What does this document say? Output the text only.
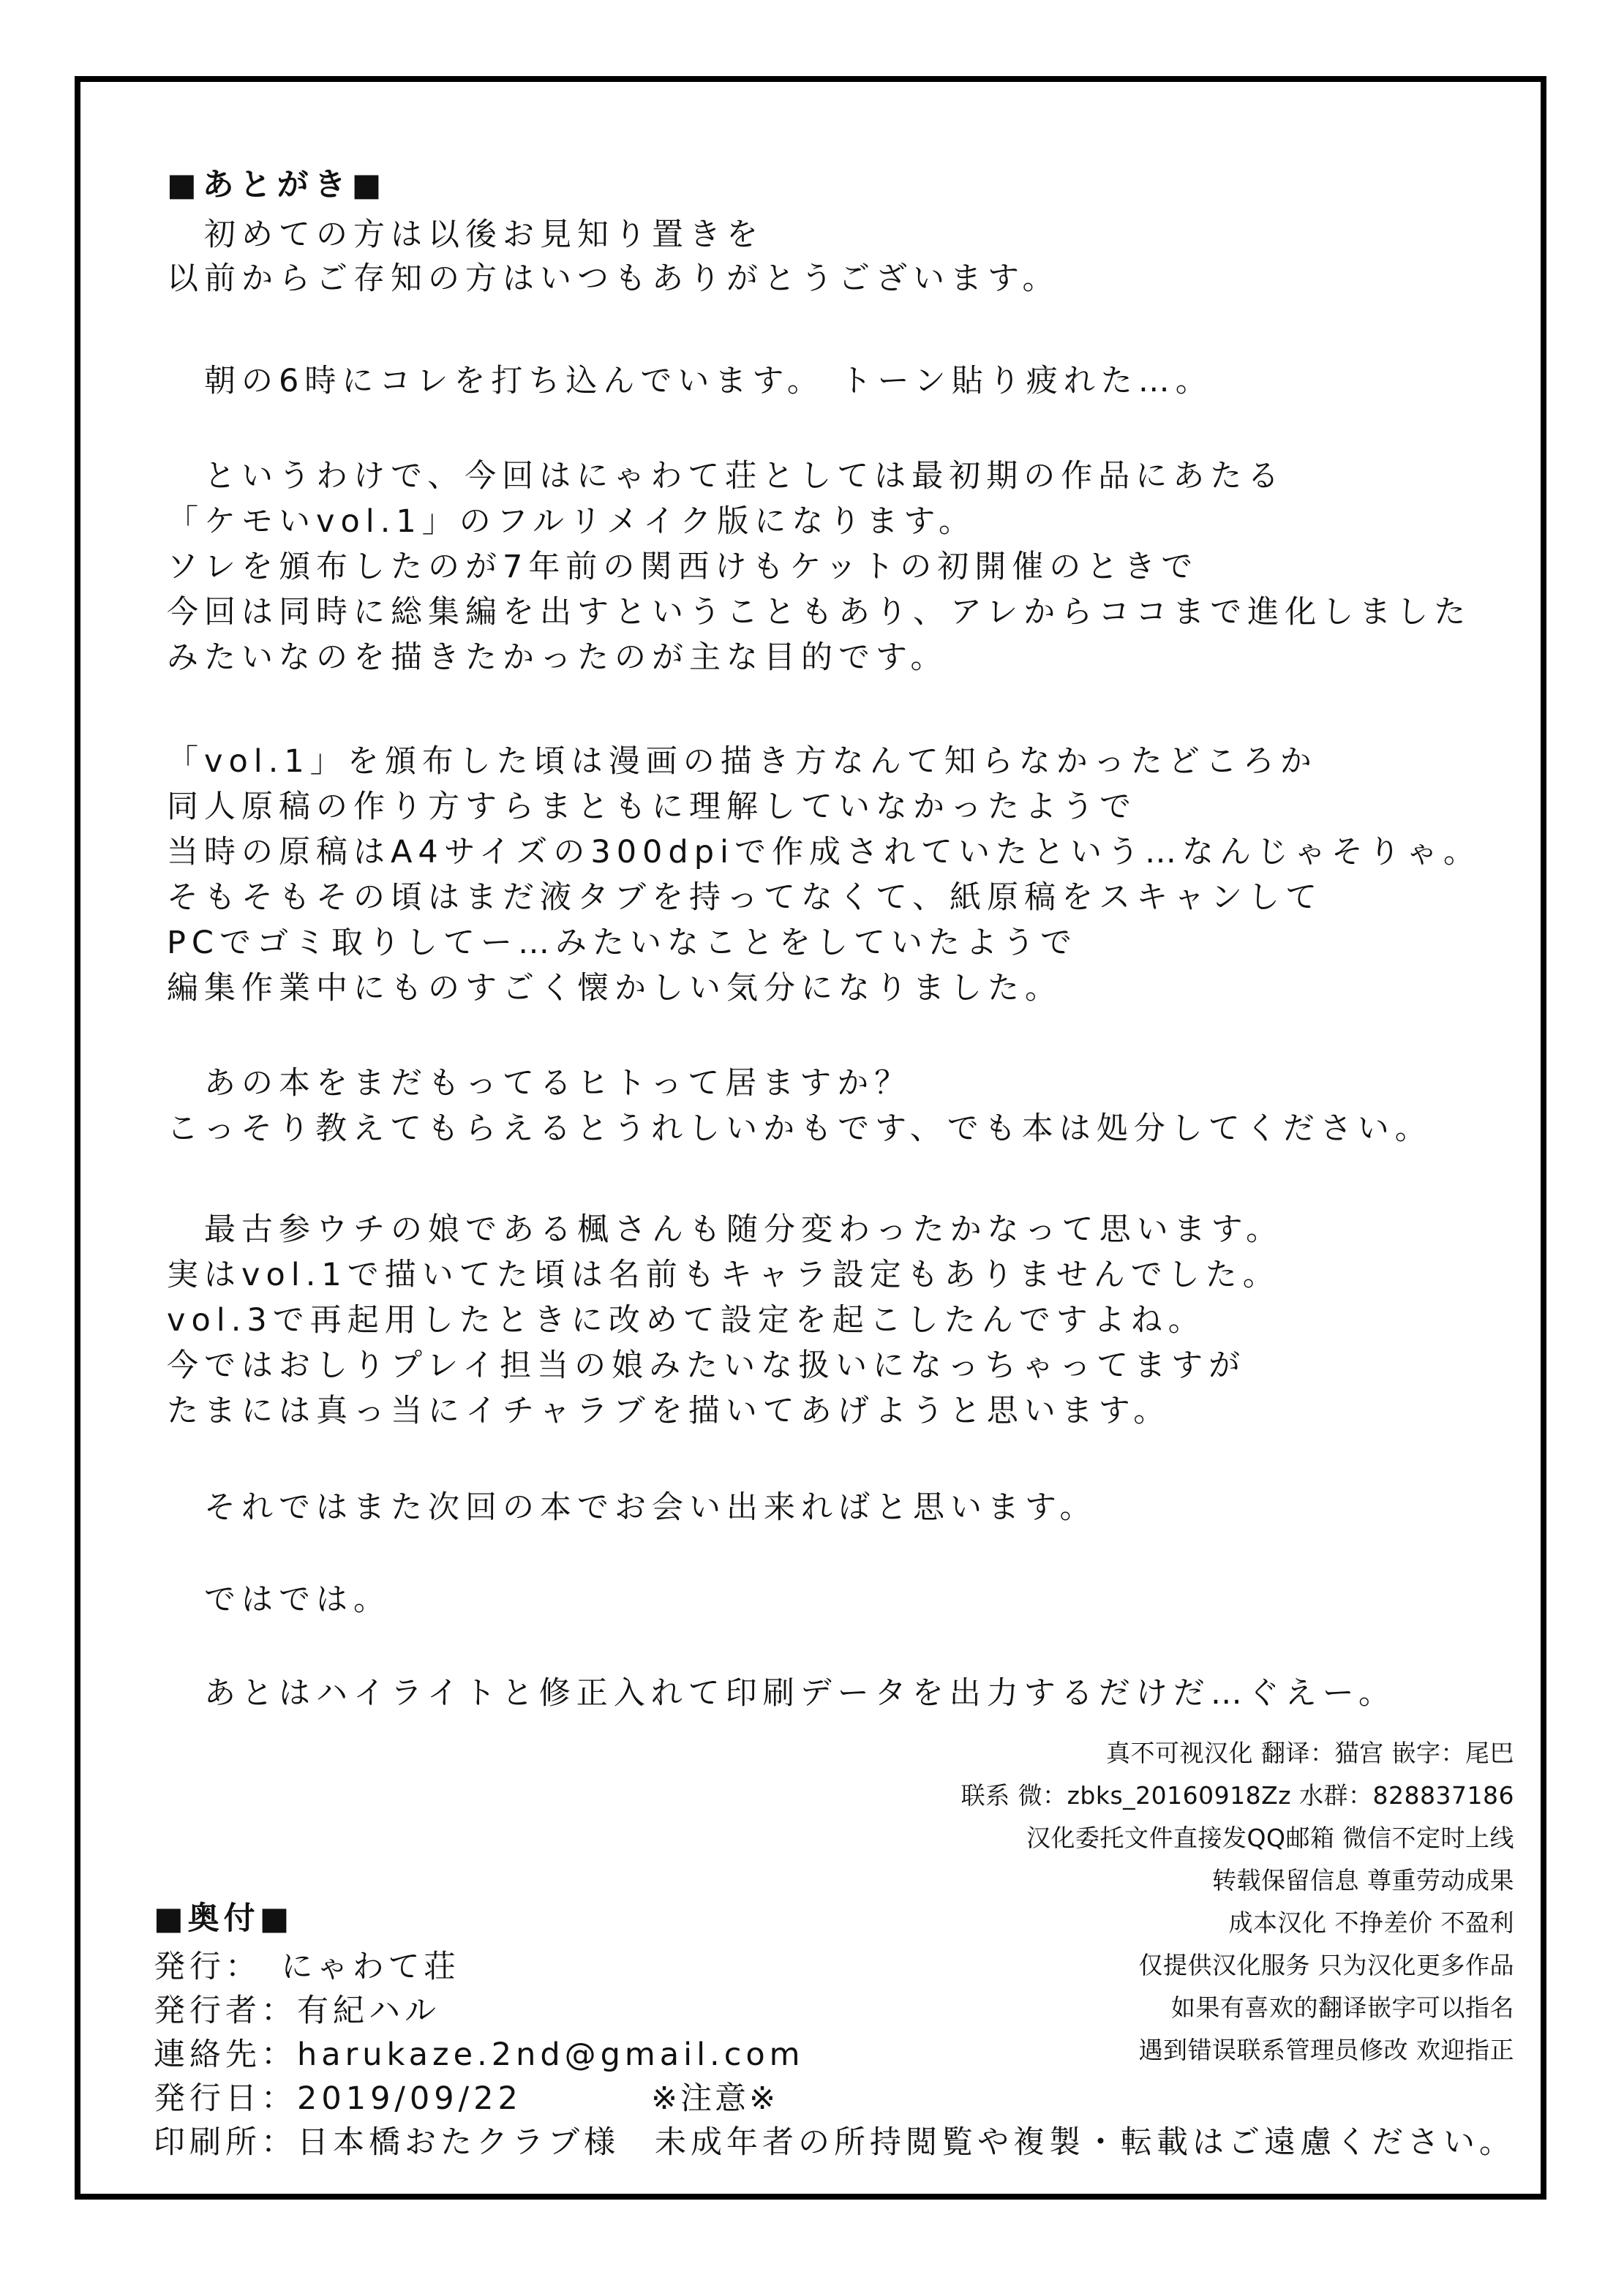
■あとがき■
　初めての方は以後お見知り置きを
以前からご存知の方はいつもありがとうございます。
　朝の6時にコレを打ち込んでいます。 トーン貼り疲れた…。
　というわけで、今回はにゃわて荘としては最初期の作品にあたる
「ケモいvol.1」のフルリメイク版になります。
ソレを頒布したのが7年前の関西けもケットの初開催のときで
今回は同時に総集編を出すということもあり、アレからココまで進化しました
みたいなのを描きたかったのが主な目的です。
「vol.1」を頒布した頃は漫画の描き方なんて知らなかったどころか
同人原稿の作り方すらまともに理解していなかったようで
当時の原稿はA4サイズの300dpiで作成されていたという…なんじゃそりゃ。
そもそもその頃はまだ液タブを持ってなくて、紙原稿をスキャンして
PCでゴミ取りしてー…みたいなことをしていたようで
編集作業中にものすごく懐かしい気分になりました。
　あの本をまだもってるヒトって居ますか？
こっそり教えてもらえるとうれしいかもです、でも本は処分してください。
　最古参ウチの娘である楓さんも随分変わったかなって思います。
実はvol.1で描いてた頃は名前もキャラ設定もありませんでした。
vol.3で再起用したときに改めて設定を起こしたんですよね。
今ではおしりプレイ担当の娘みたいな扱いになっちゃってますが
たまには真っ当にイチャラブを描いてあげようと思います。
　それではまた次回の本でお会い出来ればと思います。
　ではでは。
　あとはハイライトと修正入れて印刷データを出力するだけだ…ぐえー。
真不可视汉化 翻译：猫宫 嵌字：尾巴
联系 微：zbks_20160918Zz 水群：828837186
汉化委托文件直接发QQ邮箱 微信不定时上线
转载保留信息 尊重劳动成果
成本汉化 不挣差价 不盈利
仅提供汉化服务 只为汉化更多作品
如果有喜欢的翻译嵌字可以指名
遇到错误联系管理员修改 欢迎指正
■奥付■
発行：　にゃわて荘
発行者：有紀ハル
連絡先：harukaze.2nd@gmail.com
発行日：2019/09/22
印刷所：日本橋おたクラブ様
※注意※
未成年者の所持閲覧や複製・転載はご遠慮ください。
